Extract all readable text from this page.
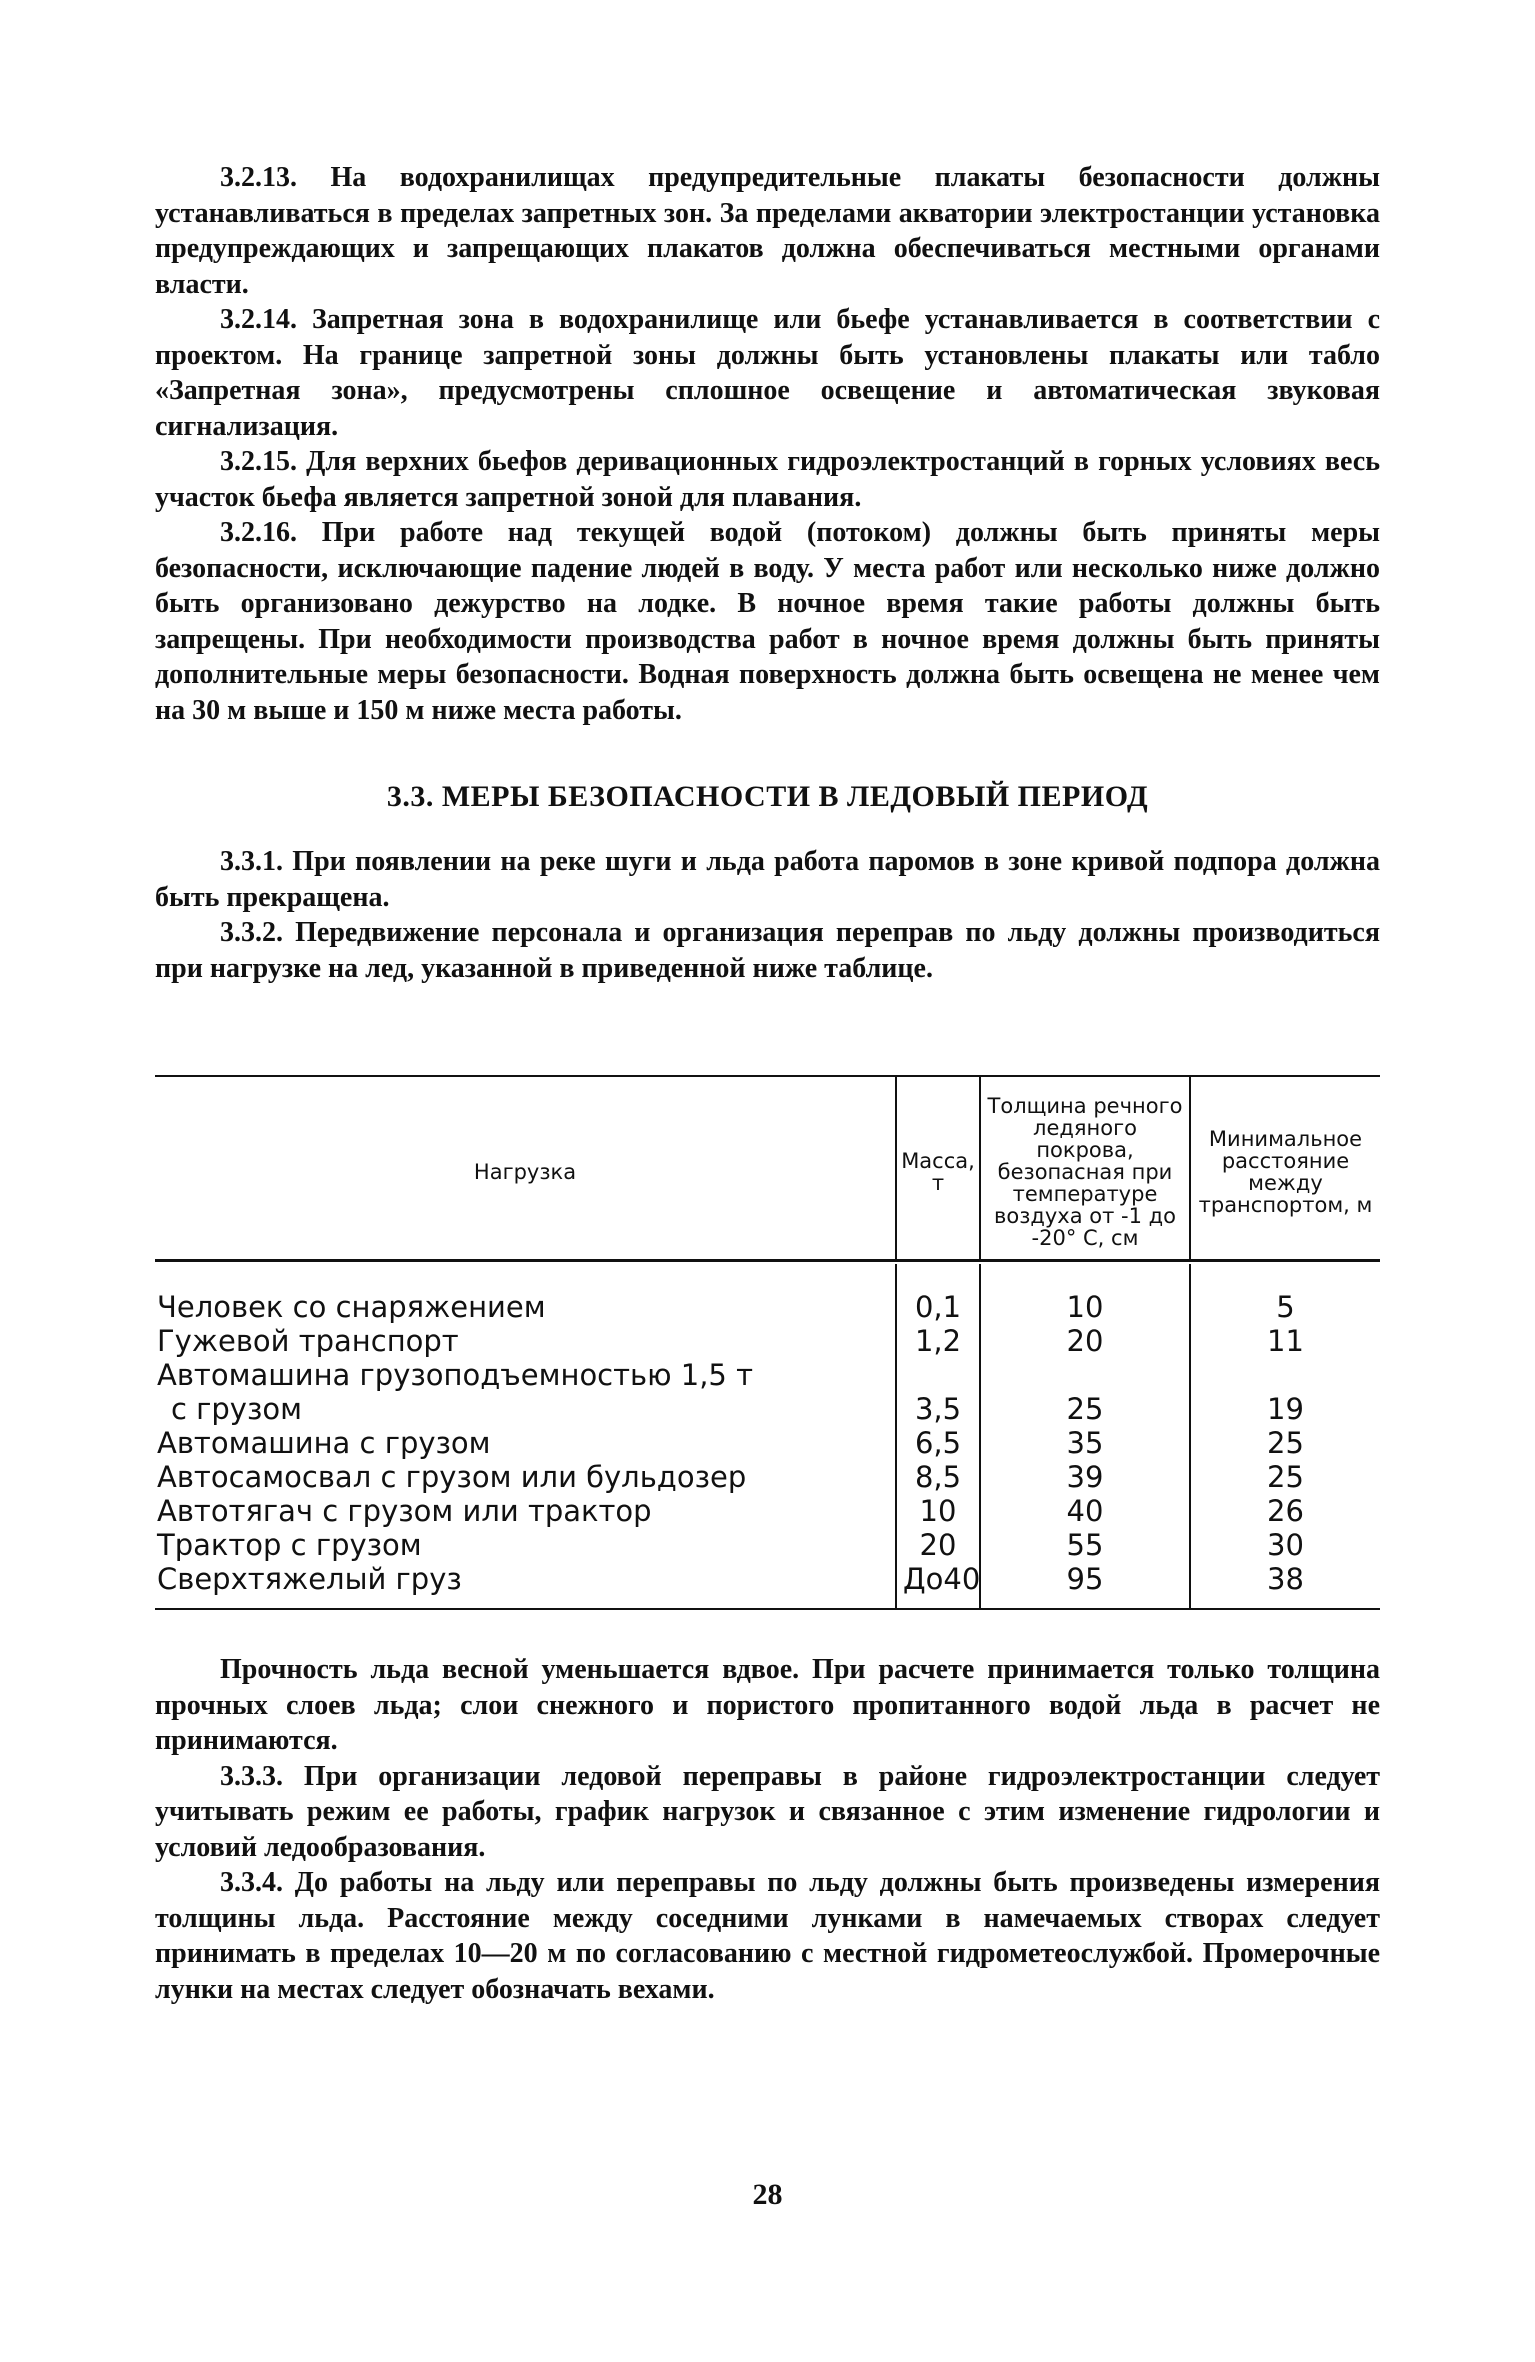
3.2.13. На водохранилищах предупредительные плакаты безопасности должны устанавливаться в пределах запретных зон. За пределами акватории электростанции установка предупреждающих и запрещающих плакатов должна обеспечиваться местными органами власти.

3.2.14. Запретная зона в водохранилище или бьефе устанавливается в соответствии с проектом. На границе запретной зоны должны быть установлены плакаты или табло «Запретная зона», предусмотрены сплошное освещение и автоматическая звуковая сигнализация.

3.2.15. Для верхних бьефов деривационных гидроэлектростанций в горных условиях весь участок бьефа является запретной зоной для плавания.

3.2.16. При работе над текущей водой (потоком) должны быть приняты меры безопасности, исключающие падение людей в воду. У места работ или несколько ниже должно быть организовано дежурство на лодке. В ночное время такие работы должны быть запрещены. При необходимости производства работ в ночное время должны быть приняты дополнительные меры безопасности. Водная поверхность должна быть освещена не менее чем на 30 м выше и 150 м ниже места работы.

3.3. МЕРЫ БЕЗОПАСНОСТИ В ЛЕДОВЫЙ ПЕРИОД

3.3.1. При появлении на реке шуги и льда работа паромов в зоне кривой подпора должна быть прекращена.

3.3.2. Передвижение персонала и организация переправ по льду должны производиться при нагрузке на лед, указанной в приведенной ниже таблице.

Нагрузка	Масса, т	Толщина речного ледяного покрова, безопасная при температуре воздуха от -1 до -20° С, см	Минимальное расстояние между транспортом, м

Человек со снаряжением	0,1	10	5
Гужевой транспорт	1,2	20	11
Автомашина грузоподъемностью 1,5 т			
с грузом	3,5	25	19
Автомашина с грузом	6,5	35	25
Автосамосвал с грузом или бульдозер	8,5	39	25
Автотягач с грузом или трактор	10	40	26
Трактор с грузом	20	55	30
Сверхтяжелый груз	До40	95	38

Прочность льда весной уменьшается вдвое. При расчете принимается только толщина прочных слоев льда; слои снежного и пористого пропитанного водой льда в расчет не принимаются.

3.3.3. При организации ледовой переправы в районе гидроэлектростанции следует учитывать режим ее работы, график нагрузок и связанное с этим изменение гидрологии и условий ледообразования.

3.3.4. До работы на льду или переправы по льду должны быть произведены измерения толщины льда. Расстояние между соседними лунками в намечаемых створах следует принимать в пределах 10—20 м по согласованию с местной гидрометеослужбой. Промерочные лунки на местах следует обозначать вехами.

28
